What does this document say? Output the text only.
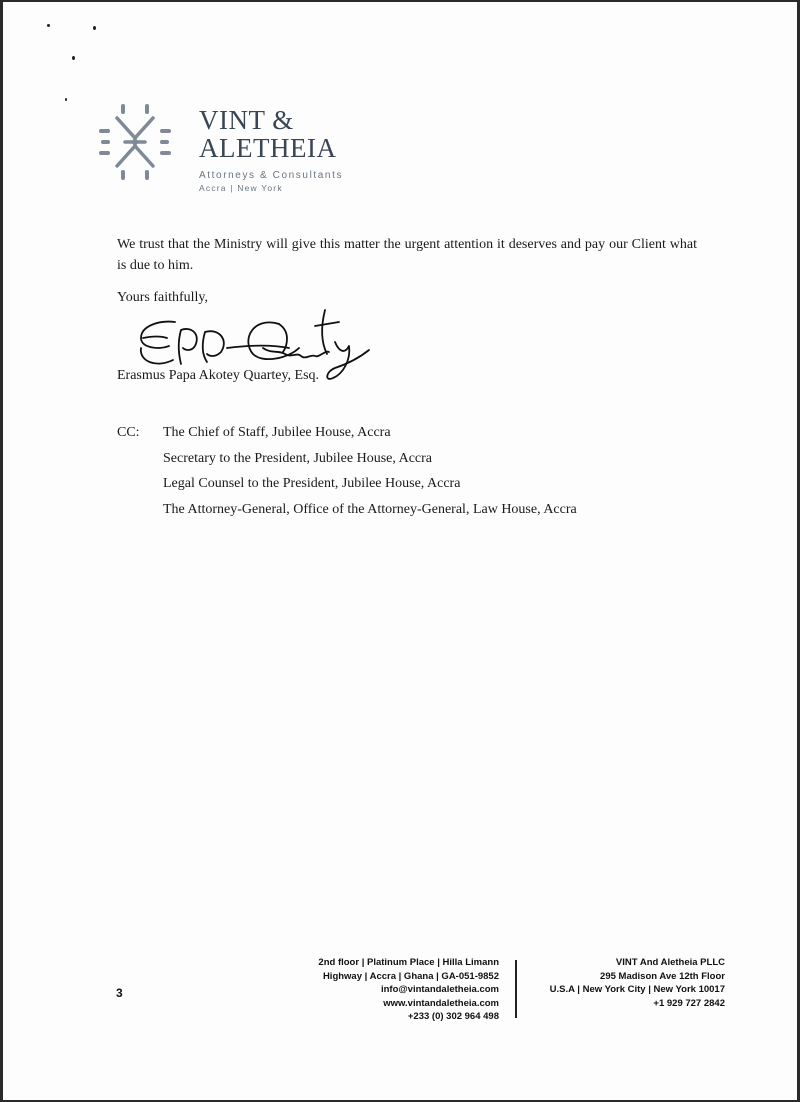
VINT &
ALETHEIA
Attorneys & Consultants
Accra | New York

We trust that the Ministry will give this matter the urgent attention it deserves and pay our Client what is due to him.

Yours faithfully,
Erasmus Papa Akotey Quartey, Esq.
CC: The Chief of Staff, Jubilee House, Accra
Secretary to the President, Jubilee House, Accra
Legal Counsel to the President, Jubilee House, Accra
The Attorney-General, Office of the Attorney-General, Law House, Accra
3
2nd floor | Platinum Place | Hilla Limann
Highway | Accra | Ghana | GA-051-9852
info@vintandaletheia.com
www.vintandaletheia.com
+233 (0) 302 964 498
VINT And Aletheia PLLC
295 Madison Ave 12th Floor
U.S.A | New York City | New York 10017
+1 929 727 2842
